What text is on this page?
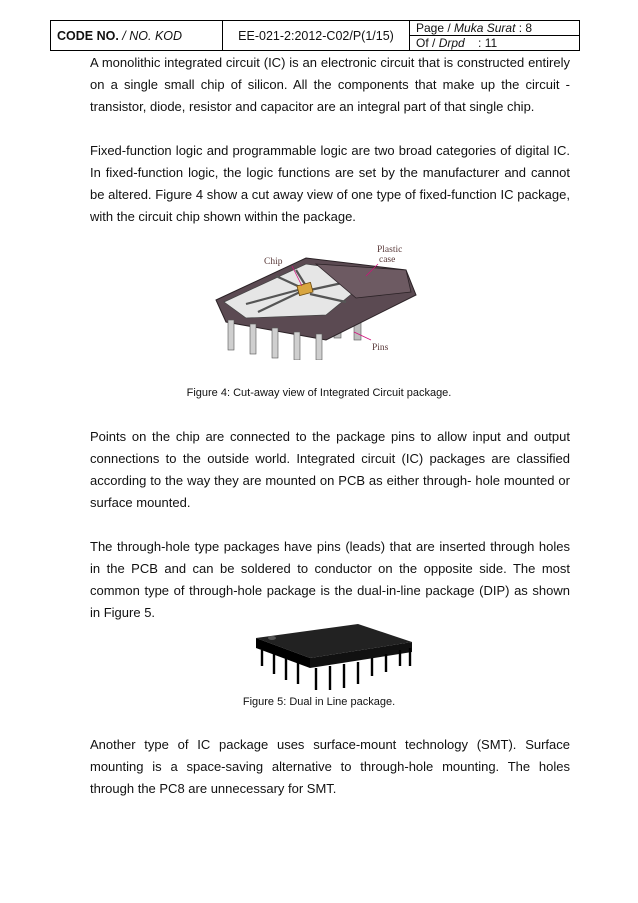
CODE NO.
/ NO. KOD	EE-021-2:2012-C02/P(1/15)
Page /
Muka Surat
: 8
Of /
Drpd
: 11

A monolithic integrated circuit (IC) is an electronic circuit that is constructed entirely on a single small chip of silicon. All the components that make up the circuit - transistor, diode, resistor and capacitor are an integral part of that single chip.

Fixed-function logic and programmable logic are two broad categories of digital IC. In fixed-function logic, the logic functions are set by the manufacturer and cannot be altered. Figure 4 show a cut away view of one type of fixed-function IC package, with the circuit chip shown within the package.

Chip
Plastic
case
Pins
Figure 4: Cut-away view of Integrated Circuit package.

Points on the chip are connected to the package pins to allow input and output connections to the outside world. Integrated circuit (IC) packages are classified according to the way they are mounted on PCB as either through- hole mounted or surface mounted.

The through-hole type packages have pins (leads) that are inserted through holes in the PCB and can be soldered to conductor on the opposite side. The most common type of through-hole package is the dual-in-line package (DIP) as shown in Figure 5.

Figure 5: Dual in Line package.

Another type of IC package uses surface-mount technology (SMT). Surface mounting is a space-saving alternative to through-hole mounting. The holes through the PC8 are unnecessary for SMT.
